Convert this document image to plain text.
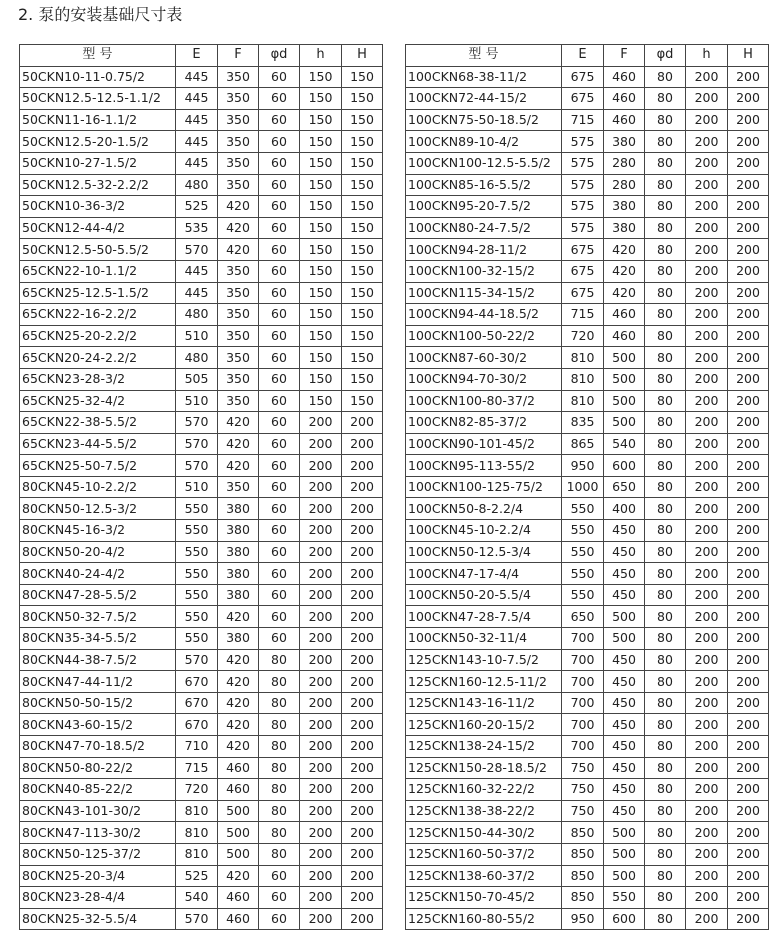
2. 泵的安装基础尺寸表
型 号	E	F	φd	h	H
50CKN10-11-0.75/2	445	350	60	150	150
50CKN12.5-12.5-1.1/2	445	350	60	150	150
50CKN11-16-1.1/2	445	350	60	150	150
50CKN12.5-20-1.5/2	445	350	60	150	150
50CKN10-27-1.5/2	445	350	60	150	150
50CKN12.5-32-2.2/2	480	350	60	150	150
50CKN10-36-3/2	525	420	60	150	150
50CKN12-44-4/2	535	420	60	150	150
50CKN12.5-50-5.5/2	570	420	60	150	150
65CKN22-10-1.1/2	445	350	60	150	150
65CKN25-12.5-1.5/2	445	350	60	150	150
65CKN22-16-2.2/2	480	350	60	150	150
65CKN25-20-2.2/2	510	350	60	150	150
65CKN20-24-2.2/2	480	350	60	150	150
65CKN23-28-3/2	505	350	60	150	150
65CKN25-32-4/2	510	350	60	150	150
65CKN22-38-5.5/2	570	420	60	200	200
65CKN23-44-5.5/2	570	420	60	200	200
65CKN25-50-7.5/2	570	420	60	200	200
80CKN45-10-2.2/2	510	350	60	200	200
80CKN50-12.5-3/2	550	380	60	200	200
80CKN45-16-3/2	550	380	60	200	200
80CKN50-20-4/2	550	380	60	200	200
80CKN40-24-4/2	550	380	60	200	200
80CKN47-28-5.5/2	550	380	60	200	200
80CKN50-32-7.5/2	550	420	60	200	200
80CKN35-34-5.5/2	550	380	60	200	200
80CKN44-38-7.5/2	570	420	80	200	200
80CKN47-44-11/2	670	420	80	200	200
80CKN50-50-15/2	670	420	80	200	200
80CKN43-60-15/2	670	420	80	200	200
80CKN47-70-18.5/2	710	420	80	200	200
80CKN50-80-22/2	715	460	80	200	200
80CKN40-85-22/2	720	460	80	200	200
80CKN43-101-30/2	810	500	80	200	200
80CKN47-113-30/2	810	500	80	200	200
80CKN50-125-37/2	810	500	80	200	200
80CKN25-20-3/4	525	420	60	200	200
80CKN23-28-4/4	540	460	60	200	200
80CKN25-32-5.5/4	570	460	60	200	200
型 号	E	F	φd	h	H
100CKN68-38-11/2	675	460	80	200	200
100CKN72-44-15/2	675	460	80	200	200
100CKN75-50-18.5/2	715	460	80	200	200
100CKN89-10-4/2	575	380	80	200	200
100CKN100-12.5-5.5/2	575	280	80	200	200
100CKN85-16-5.5/2	575	280	80	200	200
100CKN95-20-7.5/2	575	380	80	200	200
100CKN80-24-7.5/2	575	380	80	200	200
100CKN94-28-11/2	675	420	80	200	200
100CKN100-32-15/2	675	420	80	200	200
100CKN115-34-15/2	675	420	80	200	200
100CKN94-44-18.5/2	715	460	80	200	200
100CKN100-50-22/2	720	460	80	200	200
100CKN87-60-30/2	810	500	80	200	200
100CKN94-70-30/2	810	500	80	200	200
100CKN100-80-37/2	810	500	80	200	200
100CKN82-85-37/2	835	500	80	200	200
100CKN90-101-45/2	865	540	80	200	200
100CKN95-113-55/2	950	600	80	200	200
100CKN100-125-75/2	1000	650	80	200	200
100CKN50-8-2.2/4	550	400	80	200	200
100CKN45-10-2.2/4	550	450	80	200	200
100CKN50-12.5-3/4	550	450	80	200	200
100CKN47-17-4/4	550	450	80	200	200
100CKN50-20-5.5/4	550	450	80	200	200
100CKN47-28-7.5/4	650	500	80	200	200
100CKN50-32-11/4	700	500	80	200	200
125CKN143-10-7.5/2	700	450	80	200	200
125CKN160-12.5-11/2	700	450	80	200	200
125CKN143-16-11/2	700	450	80	200	200
125CKN160-20-15/2	700	450	80	200	200
125CKN138-24-15/2	700	450	80	200	200
125CKN150-28-18.5/2	750	450	80	200	200
125CKN160-32-22/2	750	450	80	200	200
125CKN138-38-22/2	750	450	80	200	200
125CKN150-44-30/2	850	500	80	200	200
125CKN160-50-37/2	850	500	80	200	200
125CKN138-60-37/2	850	500	80	200	200
125CKN150-70-45/2	850	550	80	200	200
125CKN160-80-55/2	950	600	80	200	200
